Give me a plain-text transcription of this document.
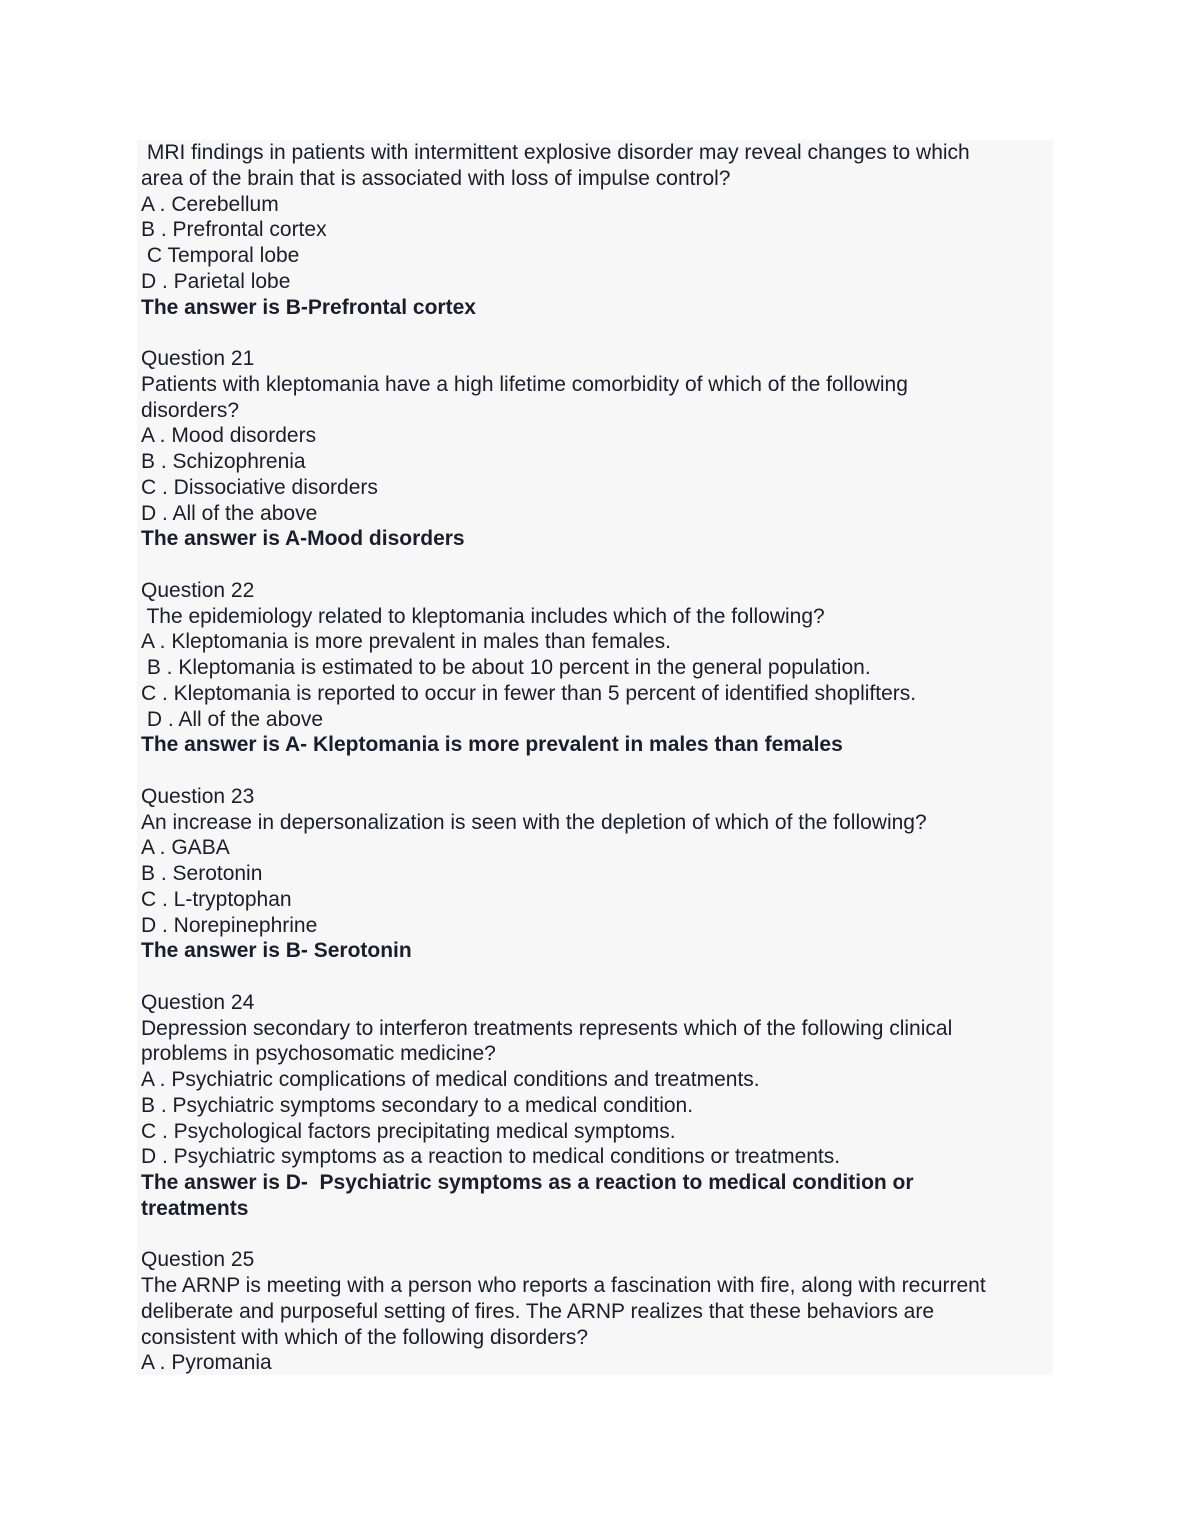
MRI findings in patients with intermittent explosive disorder may reveal changes to which
area of the brain that is associated with loss of impulse control?
A . Cerebellum
B . Prefrontal cortex
C Temporal lobe
D . Parietal lobe
The answer is B-Prefrontal cortex
Question 21
Patients with kleptomania have a high lifetime comorbidity of which of the following
disorders?
A . Mood disorders
B . Schizophrenia
C . Dissociative disorders
D . All of the above
The answer is A-Mood disorders
Question 22
The epidemiology related to kleptomania includes which of the following?
A . Kleptomania is more prevalent in males than females.
B . Kleptomania is estimated to be about 10 percent in the general population.
C . Kleptomania is reported to occur in fewer than 5 percent of identified shoplifters.
D . All of the above
The answer is A- Kleptomania is more prevalent in males than females
Question 23
An increase in depersonalization is seen with the depletion of which of the following?
A . GABA
B . Serotonin
C . L-tryptophan
D . Norepinephrine
The answer is B- Serotonin
Question 24
Depression secondary to interferon treatments represents which of the following clinical
problems in psychosomatic medicine?
A . Psychiatric complications of medical conditions and treatments.
B . Psychiatric symptoms secondary to a medical condition.
C . Psychological factors precipitating medical symptoms.
D . Psychiatric symptoms as a reaction to medical conditions or treatments.
The answer is D-  Psychiatric symptoms as a reaction to medical condition or
treatments
Question 25
The ARNP is meeting with a person who reports a fascination with fire, along with recurrent
deliberate and purposeful setting of fires. The ARNP realizes that these behaviors are
consistent with which of the following disorders?
A . Pyromania
